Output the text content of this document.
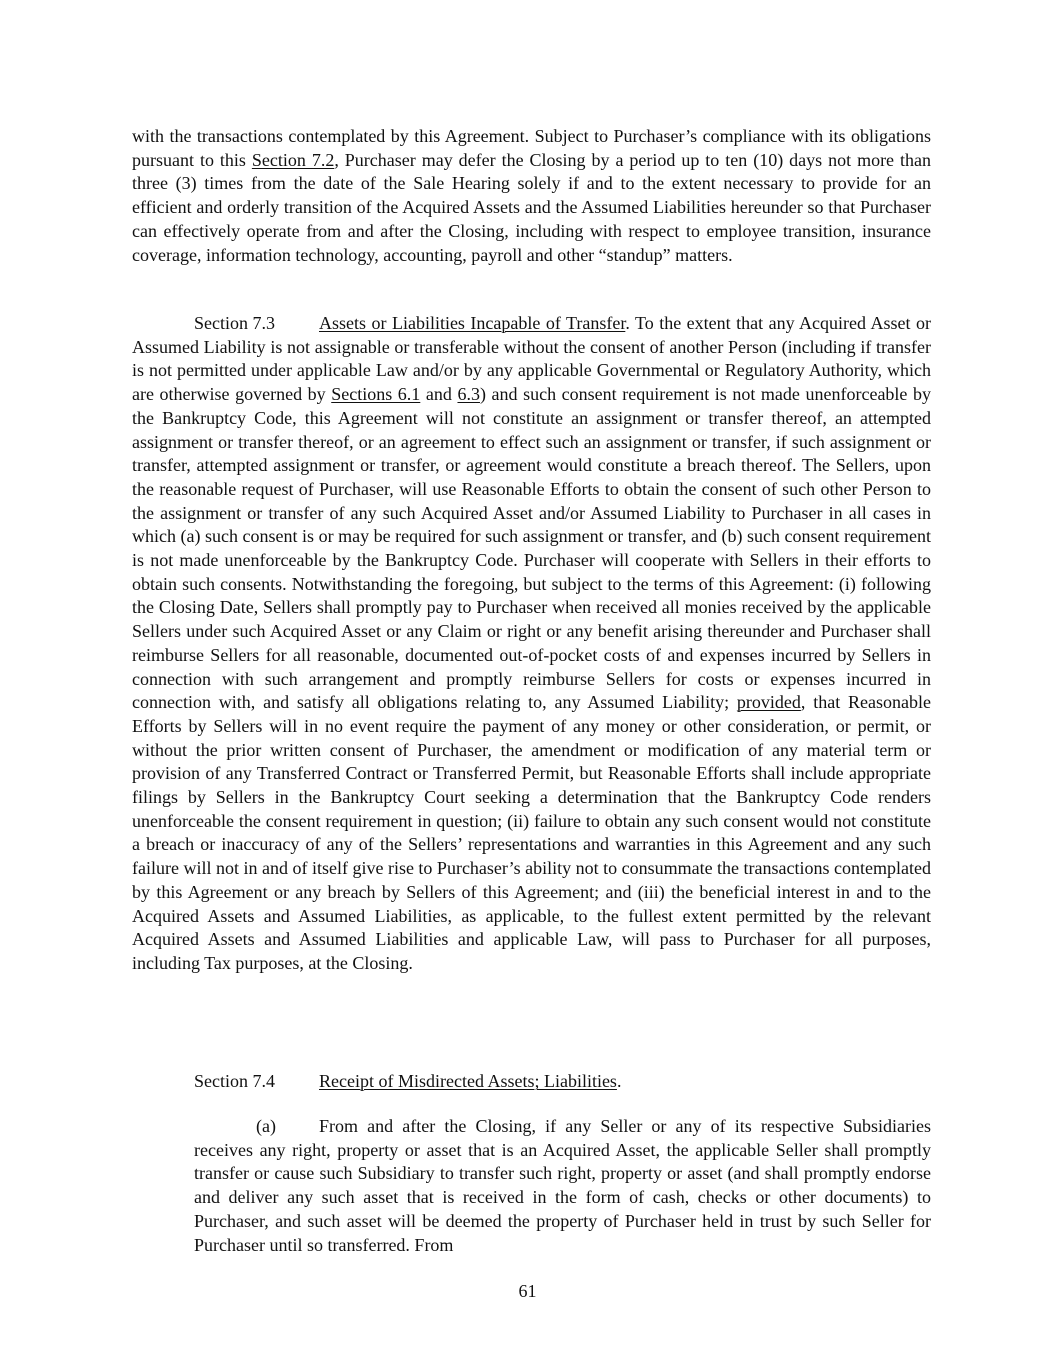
with the transactions contemplated by this Agreement. Subject to Purchaser’s compliance with its obligations pursuant to this Section 7.2, Purchaser may defer the Closing by a period up to ten (10) days not more than three (3) times from the date of the Sale Hearing solely if and to the extent necessary to provide for an efficient and orderly transition of the Acquired Assets and the Assumed Liabilities hereunder so that Purchaser can effectively operate from and after the Closing, including with respect to employee transition, insurance coverage, information technology, accounting, payroll and other “standup” matters.

Section 7.3 Assets or Liabilities Incapable of Transfer. To the extent that any Acquired Asset or Assumed Liability is not assignable or transferable without the consent of another Person (including if transfer is not permitted under applicable Law and/or by any applicable Governmental or Regulatory Authority, which are otherwise governed by Sections 6.1 and 6.3) and such consent requirement is not made unenforceable by the Bankruptcy Code, this Agreement will not constitute an assignment or transfer thereof, an attempted assignment or transfer thereof, or an agreement to effect such an assignment or transfer, if such assignment or transfer, attempted assignment or transfer, or agreement would constitute a breach thereof. The Sellers, upon the reasonable request of Purchaser, will use Reasonable Efforts to obtain the consent of such other Person to the assignment or transfer of any such Acquired Asset and/or Assumed Liability to Purchaser in all cases in which (a) such consent is or may be required for such assignment or transfer, and (b) such consent requirement is not made unenforceable by the Bankruptcy Code. Purchaser will cooperate with Sellers in their efforts to obtain such consents. Notwithstanding the foregoing, but subject to the terms of this Agreement: (i) following the Closing Date, Sellers shall promptly pay to Purchaser when received all monies received by the applicable Sellers under such Acquired Asset or any Claim or right or any benefit arising thereunder and Purchaser shall reimburse Sellers for all reasonable, documented out-of-pocket costs of and expenses incurred by Sellers in connection with such arrangement and promptly reimburse Sellers for costs or expenses incurred in connection with, and satisfy all obligations relating to, any Assumed Liability; provided, that Reasonable Efforts by Sellers will in no event require the payment of any money or other consideration, or permit, or without the prior written consent of Purchaser, the amendment or modification of any material term or provision of any Transferred Contract or Transferred Permit, but Reasonable Efforts shall include appropriate filings by Sellers in the Bankruptcy Court seeking a determination that the Bankruptcy Code renders unenforceable the consent requirement in question; (ii) failure to obtain any such consent would not constitute a breach or inaccuracy of any of the Sellers’ representations and warranties in this Agreement and any such failure will not in and of itself give rise to Purchaser’s ability not to consummate the transactions contemplated by this Agreement or any breach by Sellers of this Agreement; and (iii) the beneficial interest in and to the Acquired Assets and Assumed Liabilities, as applicable, to the fullest extent permitted by the relevant Acquired Assets and Assumed Liabilities and applicable Law, will pass to Purchaser for all purposes, including Tax purposes, at the Closing.

Section 7.4 Receipt of Misdirected Assets; Liabilities.

(a) From and after the Closing, if any Seller or any of its respective Subsidiaries receives any right, property or asset that is an Acquired Asset, the applicable Seller shall promptly transfer or cause such Subsidiary to transfer such right, property or asset (and shall promptly endorse and deliver any such asset that is received in the form of cash, checks or other documents) to Purchaser, and such asset will be deemed the property of Purchaser held in trust by such Seller for Purchaser until so transferred. From

61
